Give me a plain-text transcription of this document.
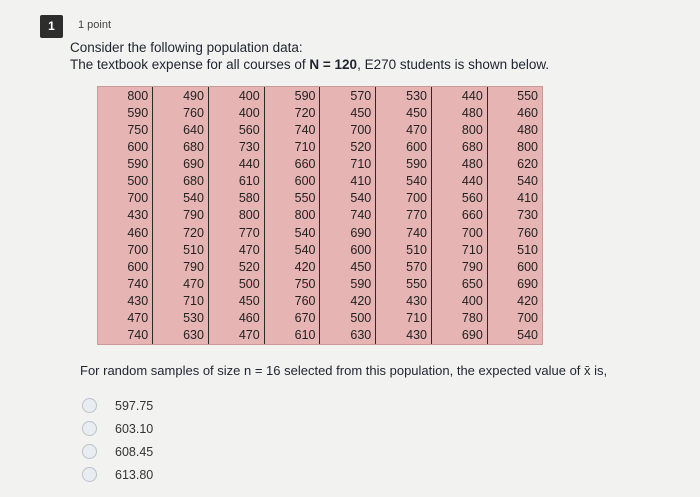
1	1 point
Consider the following population data:
The textbook expense for all courses of N = 120, E270 students is shown below.
800	490	400	590	570	530	440	550
590	760	400	720	450	450	480	460
750	640	560	740	700	470	800	480
600	680	730	710	520	600	680	800
590	690	440	660	710	590	480	620
500	680	610	600	410	540	440	540
700	540	580	550	540	700	560	410
430	790	800	800	740	770	660	730
460	720	770	540	690	740	700	760
700	510	470	540	600	510	710	510
600	790	520	420	450	570	790	600
740	470	500	750	590	550	650	690
430	710	450	760	420	430	400	420
470	530	460	670	500	710	780	700
740	630	470	610	630	430	690	540
For random samples of size n = 16 selected from this population, the expected value of x̄ is,
597.75
603.10
608.45
613.80
